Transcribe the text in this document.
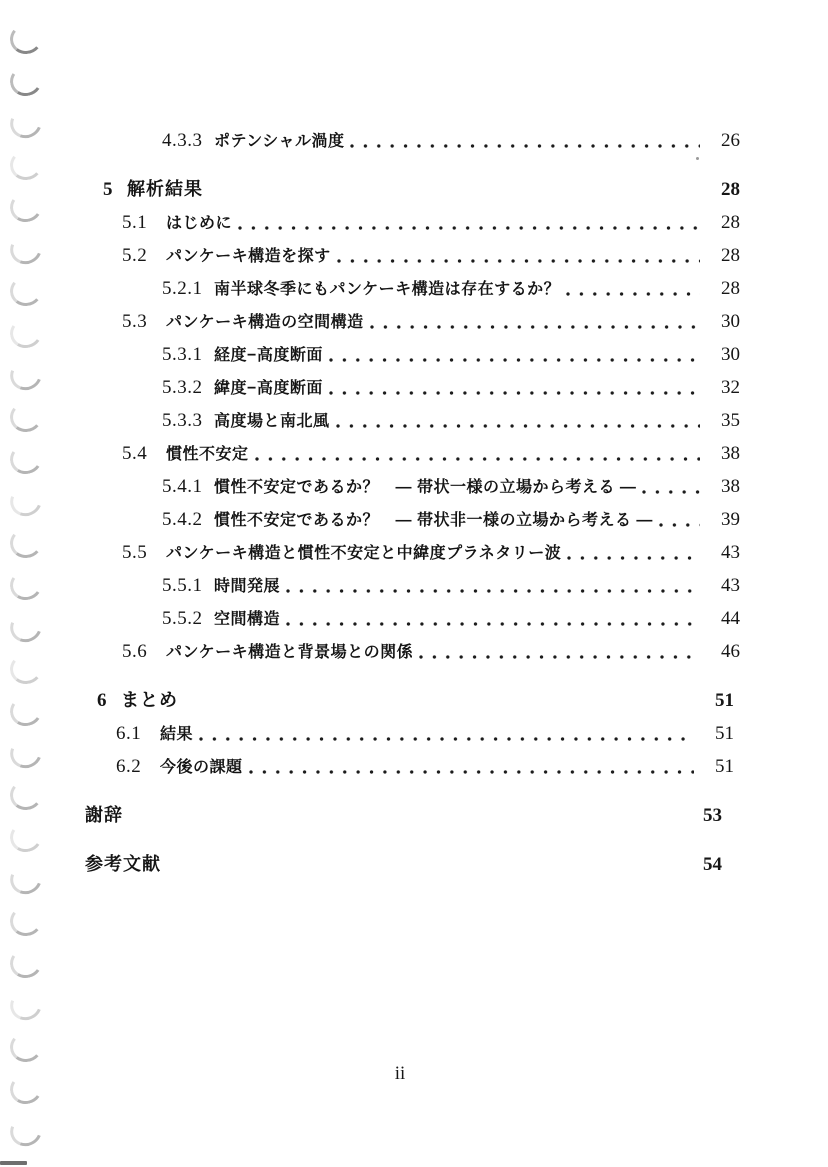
4.3.3 ポテンシャル渦度	26
5 解析結果	28
5.1	はじめに	28
5.2	パンケーキ構造を探す	28
5.2.1 南半球冬季にもパンケーキ構造は存在するか？	28
5.3	パンケーキ構造の空間構造	30
5.3.1 経度−高度断面	30
5.3.2 緯度−高度断面	32
5.3.3 高度場と南北風	35
5.4	慣性不安定	38
5.4.1 慣性不安定であるか？　— 帯状一様の立場から考える —	38
5.4.2 慣性不安定であるか？　— 帯状非一様の立場から考える —	39
5.5	パンケーキ構造と慣性不安定と中緯度プラネタリー波	43
5.5.1 時間発展	43
5.5.2 空間構造	44
5.6	パンケーキ構造と背景場との関係	46
6 まとめ	51
6.1	結果	51
6.2	今後の課題	51
謝辞	53
参考文献	54
ii
